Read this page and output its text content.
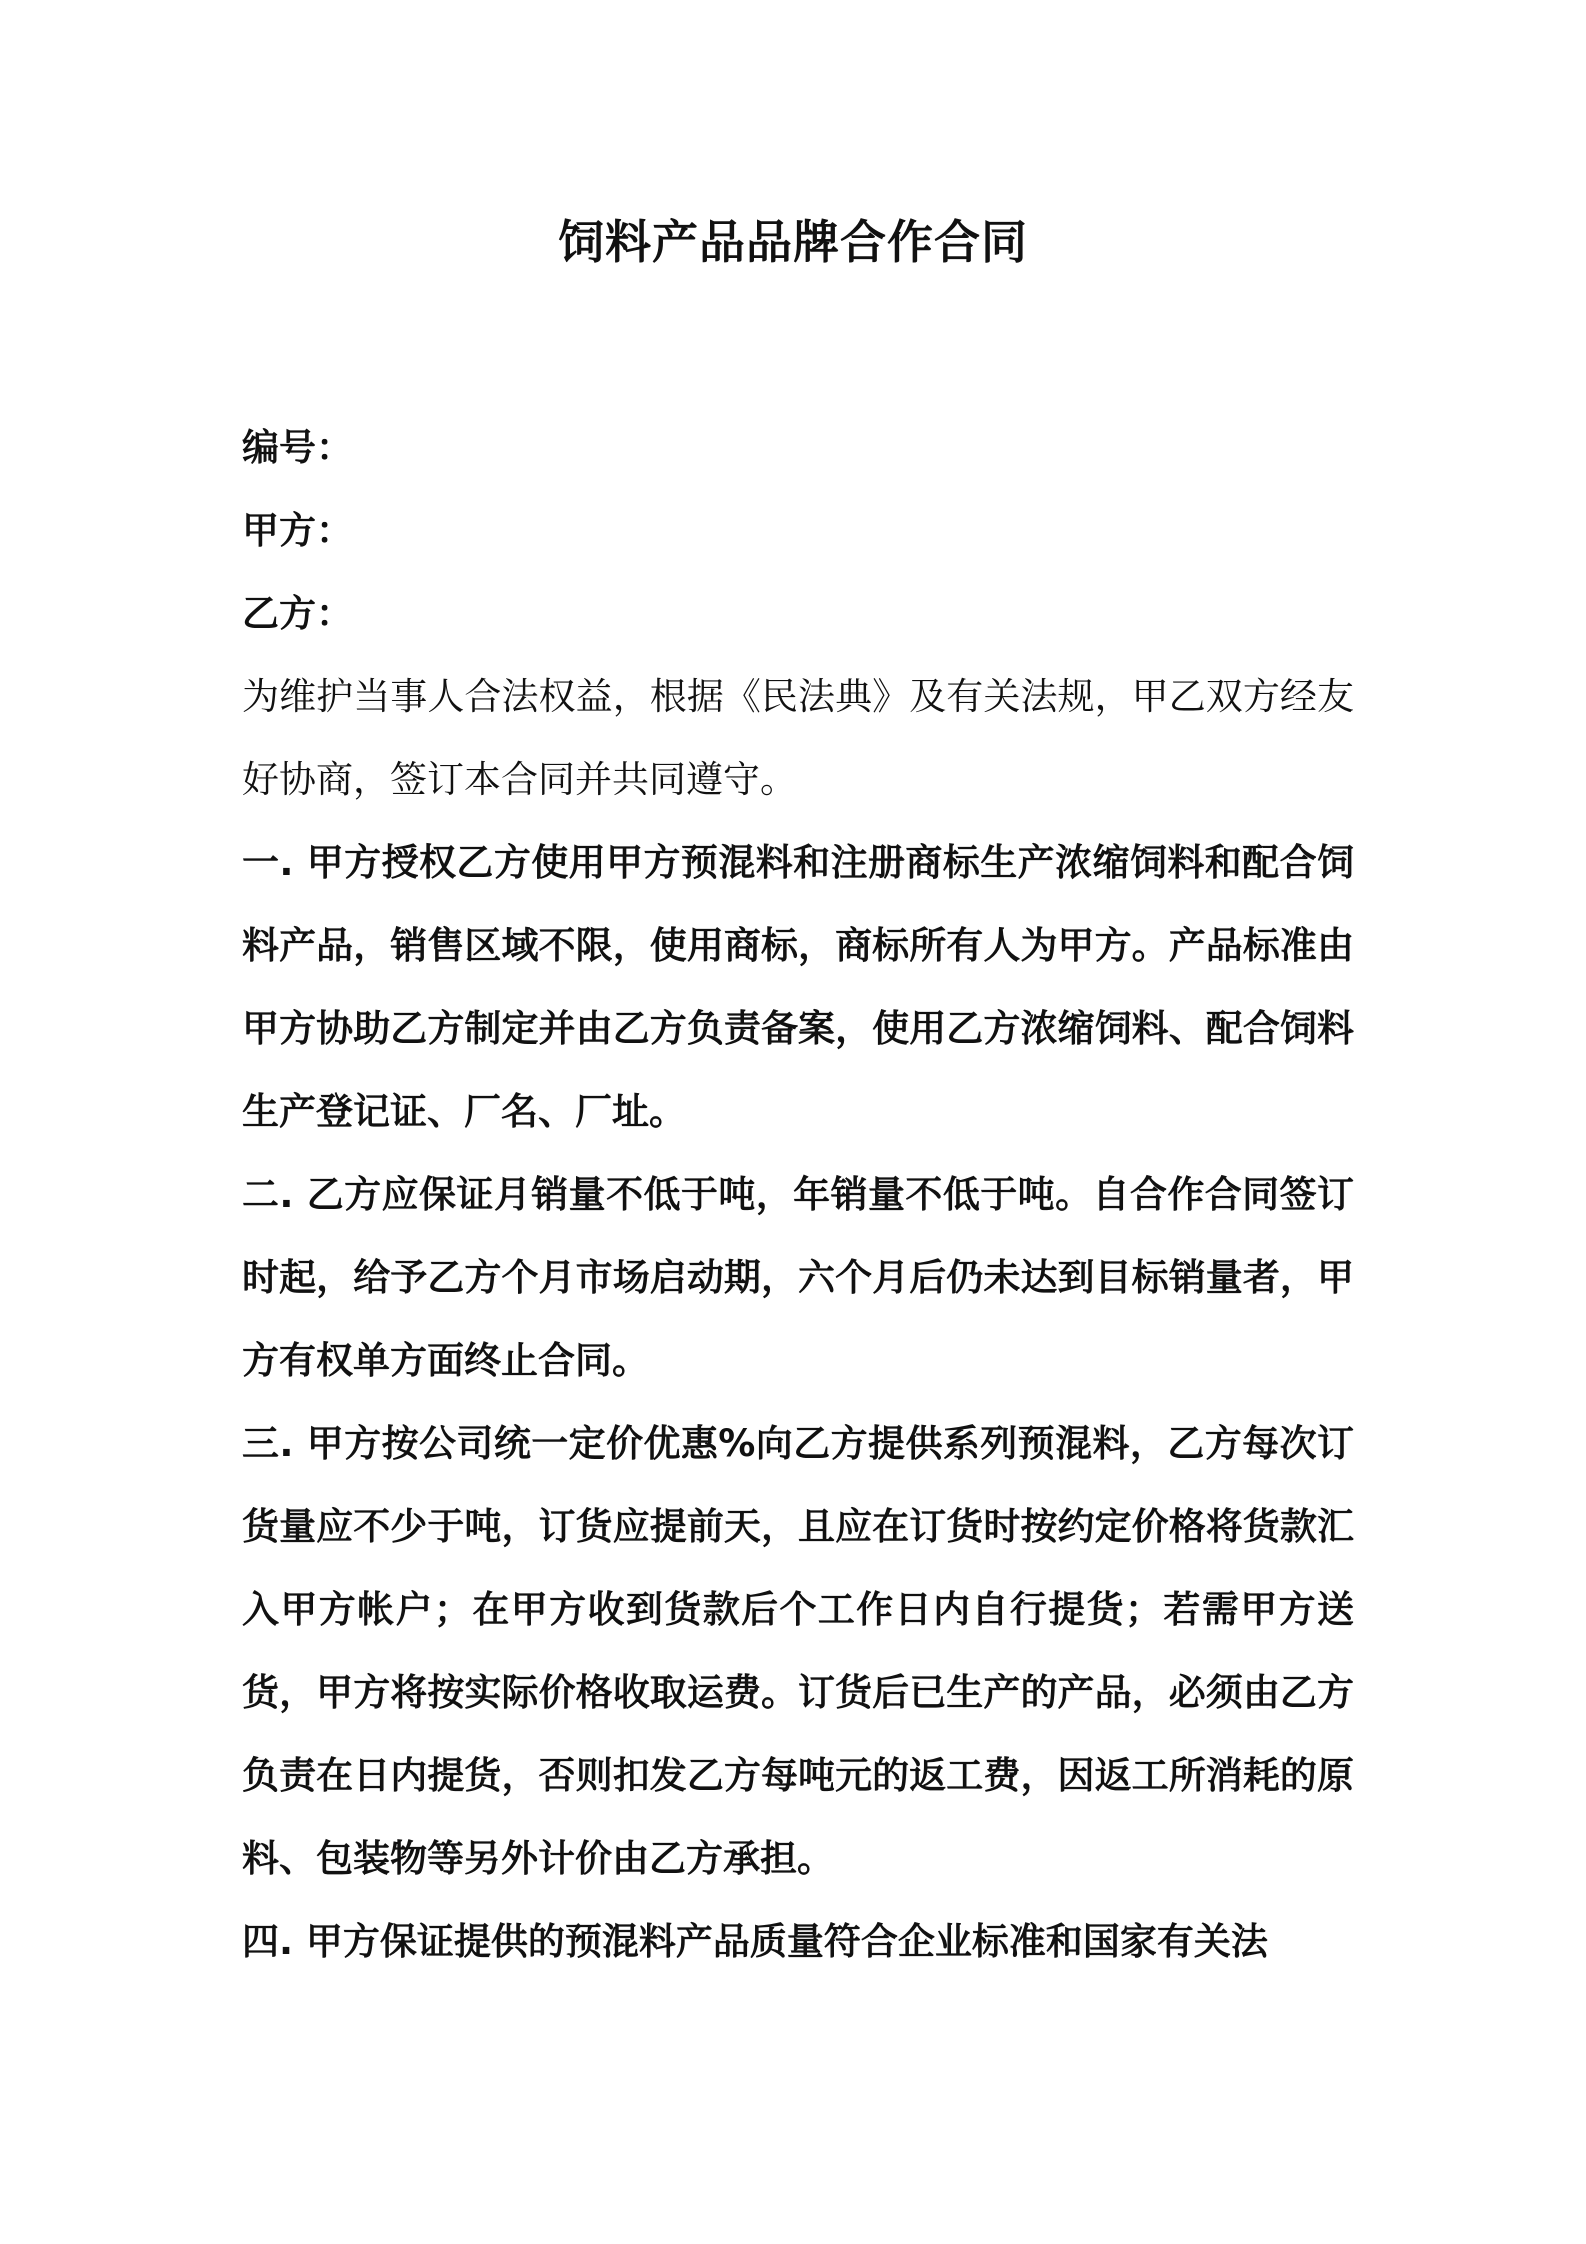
饲料产品品牌合作合同
编号：
甲方：
乙方：

为维护当事人合法权益，根据《民法典》及有关法规，甲乙双方经友好协商，签订本合同并共同遵守。

一. 甲方授权乙方使用甲方预混料和注册商标生产浓缩饲料和配合饲料产品，销售区域不限，使用商标，商标所有人为甲方。产品标准由甲方协助乙方制定并由乙方负责备案，使用乙方浓缩饲料、配合饲料生产登记证、厂名、厂址。

二. 乙方应保证月销量不低于吨，年销量不低于吨。自合作合同签订时起，给予乙方个月市场启动期，六个月后仍未达到目标销量者，甲方有权单方面终止合同。

三. 甲方按公司统一定价优惠%向乙方提供系列预混料，乙方每次订货量应不少于吨，订货应提前天，且应在订货时按约定价格将货款汇入甲方帐户；在甲方收到货款后个工作日内自行提货；若需甲方送货，甲方将按实际价格收取运费。订货后已生产的产品，必须由乙方负责在日内提货，否则扣发乙方每吨元的返工费，因返工所消耗的原料、包装物等另外计价由乙方承担。

四. 甲方保证提供的预混料产品质量符合企业标准和国家有关法
